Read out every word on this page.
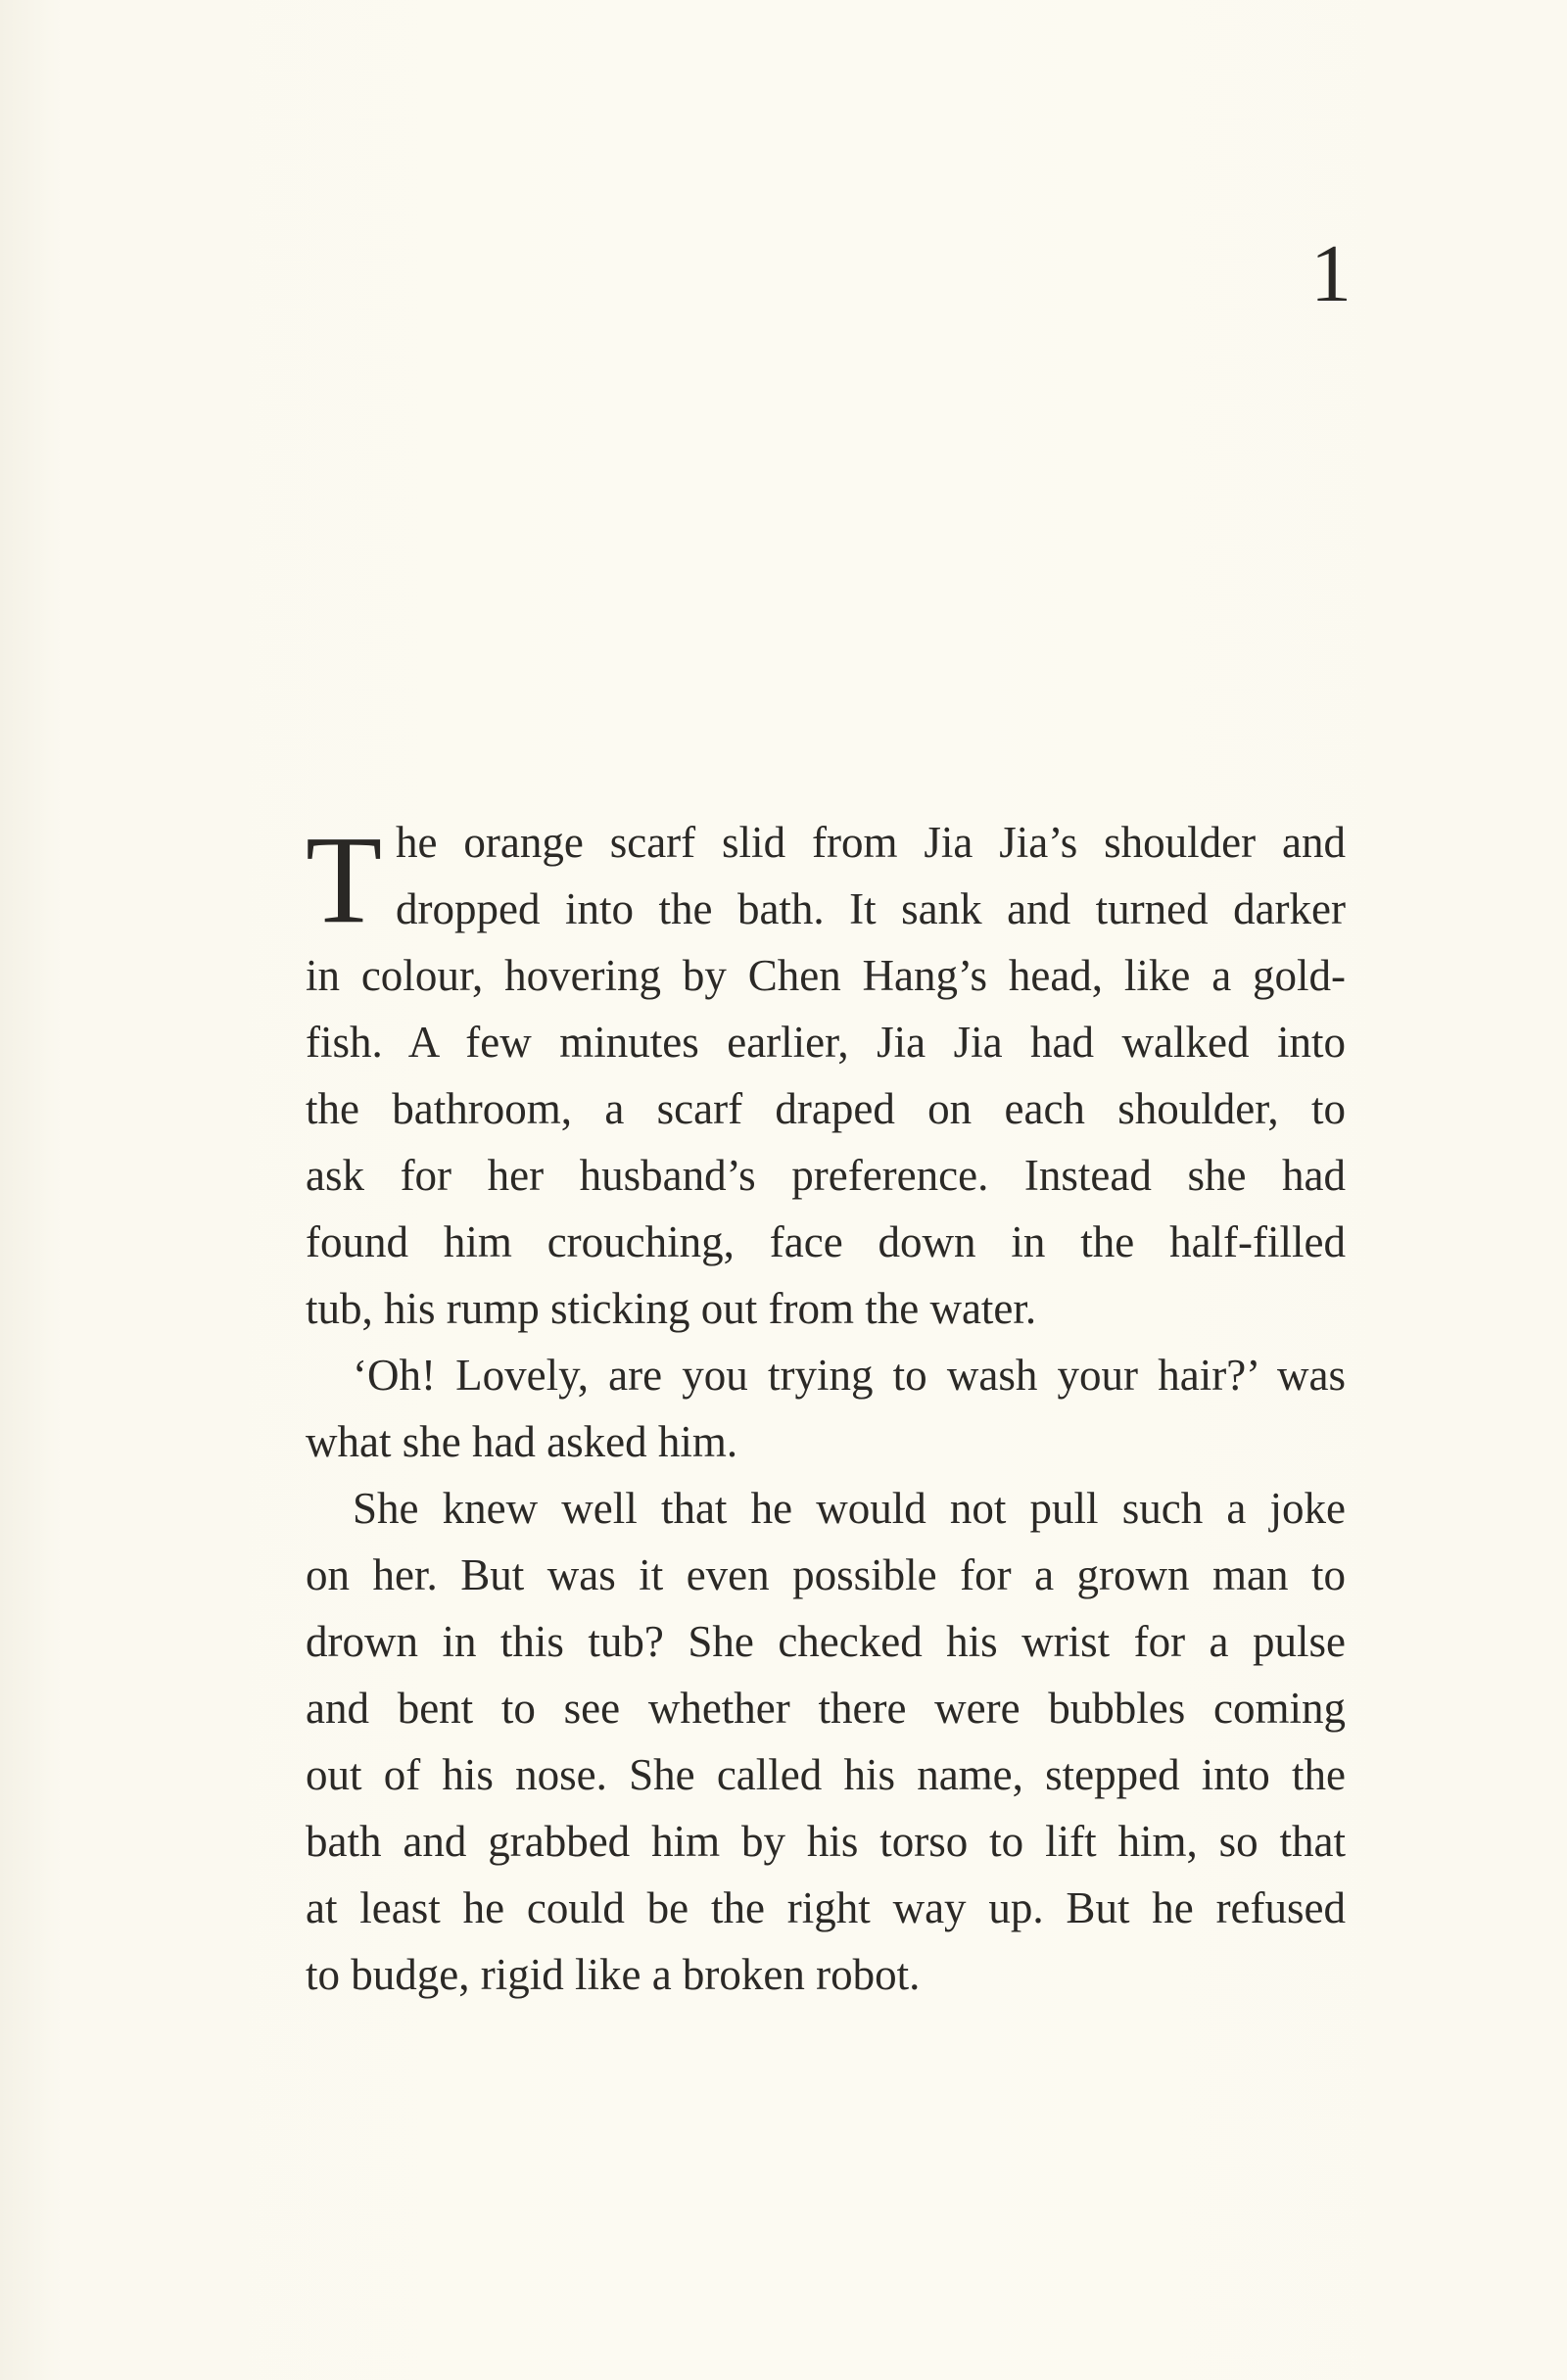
1
T he orange scarf slid from Jia Jia’s shoulder and
dropped into the bath. It sank and turned darker
in colour, hovering by Chen Hang’s head, like a gold-
fish. A few minutes earlier, Jia Jia had walked into
the bathroom, a scarf draped on each shoulder, to
ask for her husband’s preference. Instead she had
found him crouching, face down in the half-filled
tub, his rump sticking out from the water.
‘Oh! Lovely, are you trying to wash your hair?’ was
what she had asked him.
She knew well that he would not pull such a joke
on her. But was it even possible for a grown man to
drown in this tub? She checked his wrist for a pulse
and bent to see whether there were bubbles coming
out of his nose. She called his name, stepped into the
bath and grabbed him by his torso to lift him, so that
at least he could be the right way up. But he refused
to budge, rigid like a broken robot.
